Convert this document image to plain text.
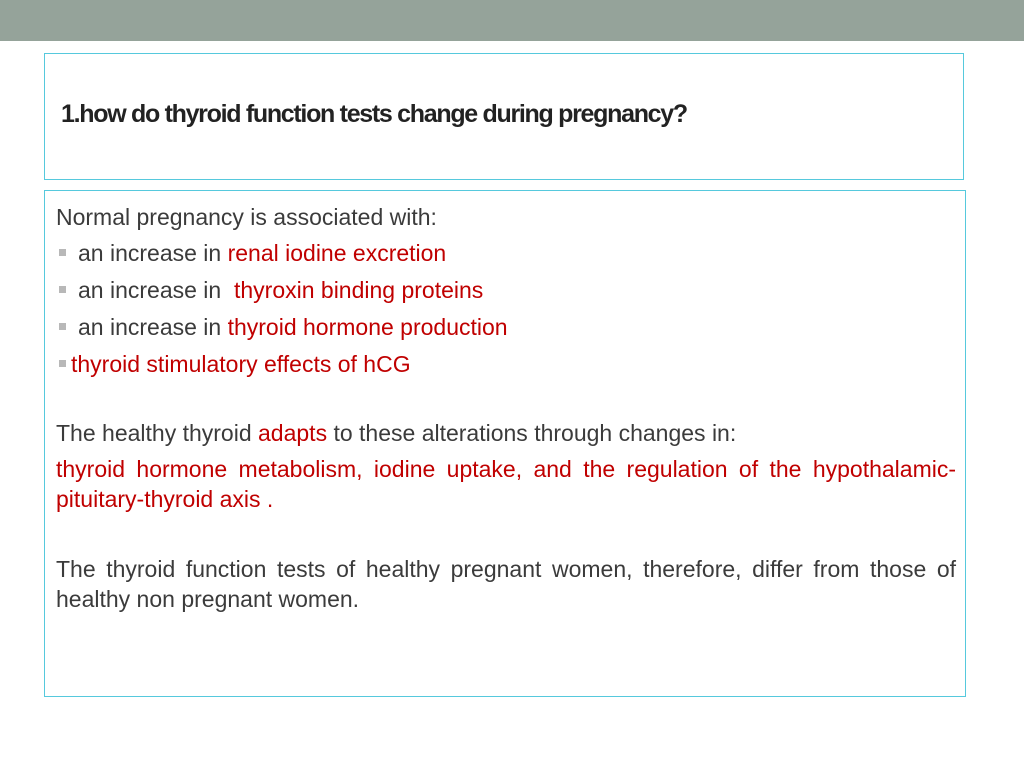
1.how do thyroid function tests change during pregnancy?

Normal pregnancy is associated with:

an increase in renal iodine excretion
an increase in thyroxin binding proteins
an increase in thyroid hormone production
thyroid stimulatory effects of hCG

The healthy thyroid adapts to these alterations through changes in:

thyroid hormone metabolism, iodine uptake, and the regulation of the hypothalamic-pituitary-thyroid axis .

The thyroid function tests of healthy pregnant women, therefore, differ from those of healthy non pregnant women.
